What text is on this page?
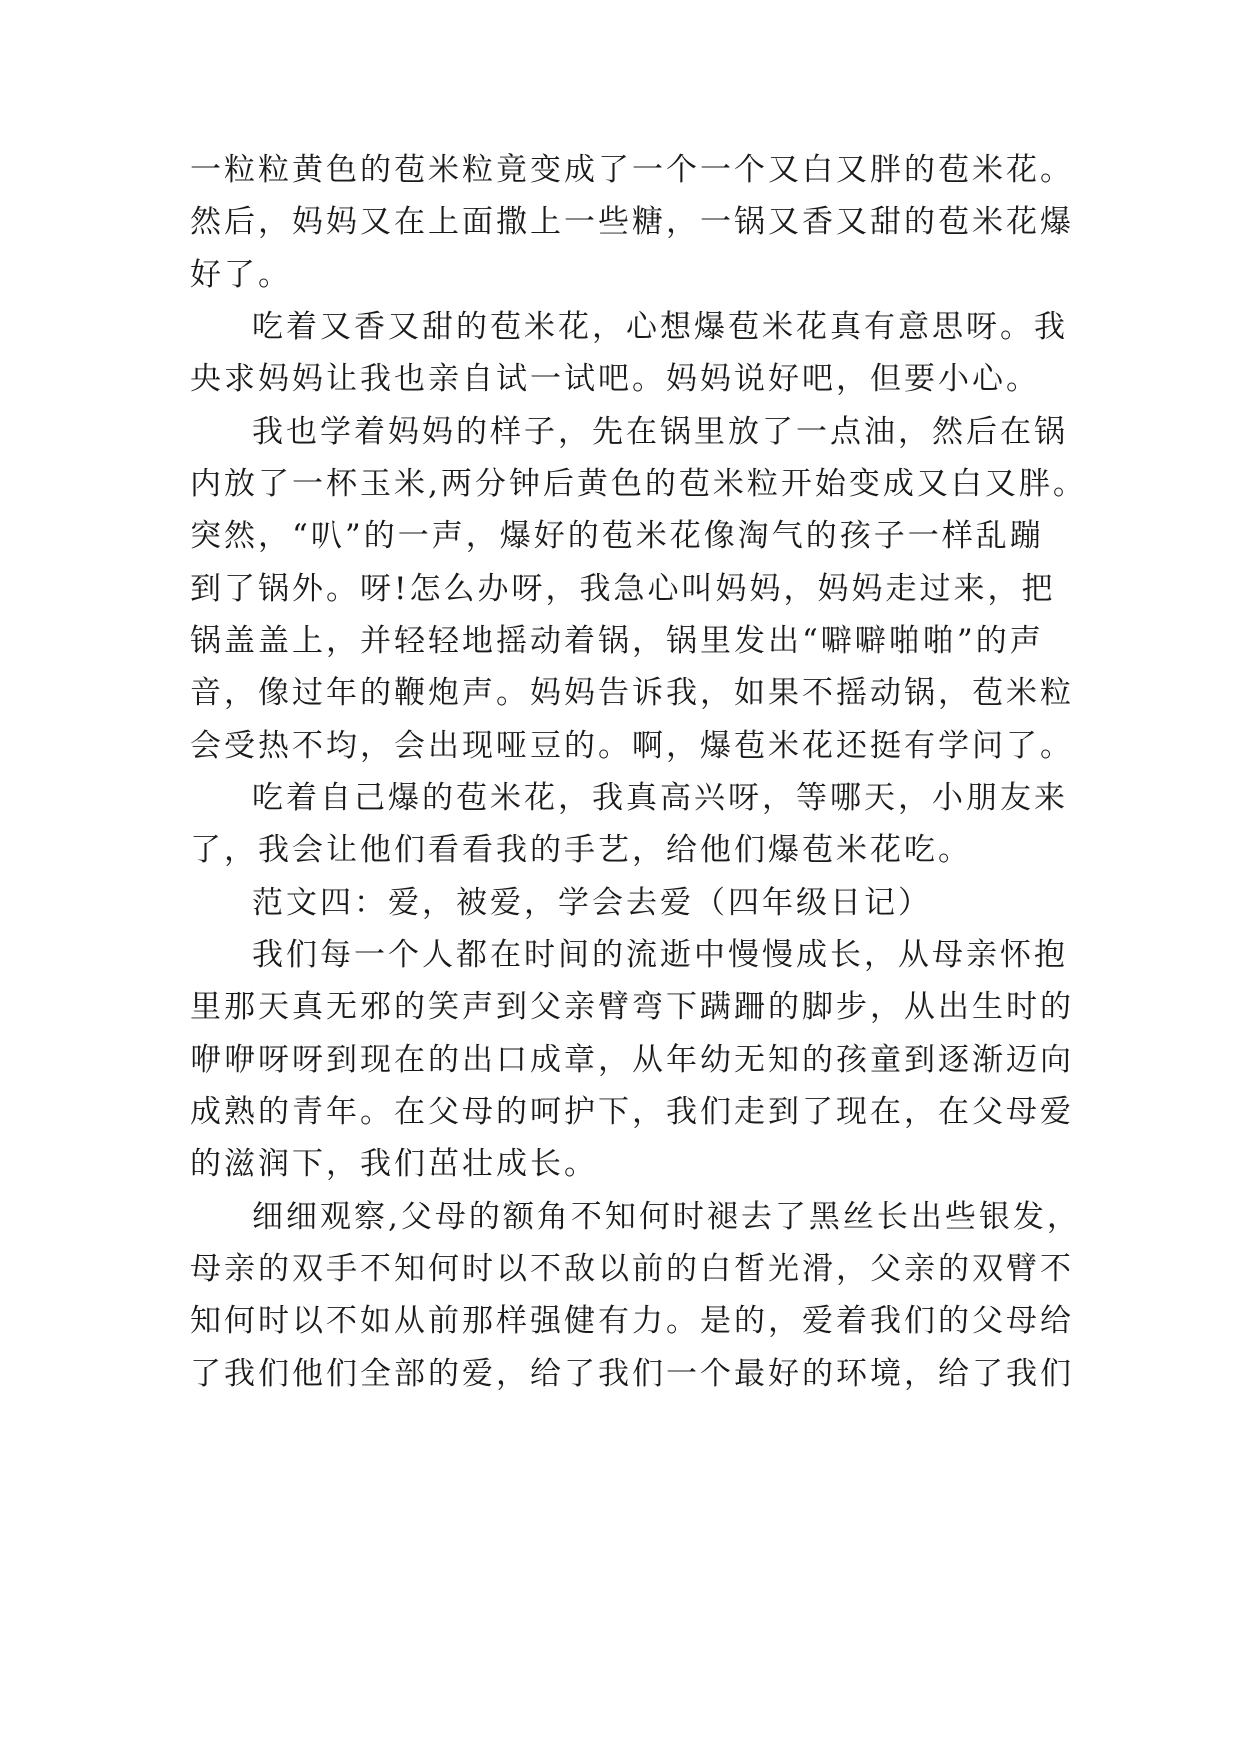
一粒粒黄色的苞米粒竟变成了一个一个又白又胖的苞米花。
然后，妈妈又在上面撒上一些糖，一锅又香又甜的苞米花爆
好了。
吃着又香又甜的苞米花，心想爆苞米花真有意思呀。我
央求妈妈让我也亲自试一试吧。妈妈说好吧，但要小心。
我也学着妈妈的样子，先在锅里放了一点油，然后在锅
内放了一杯玉米,两分钟后黄色的苞米粒开始变成又白又胖。
突然，“叭”的一声，爆好的苞米花像淘气的孩子一样乱蹦
到了锅外。呀!怎么办呀，我急心叫妈妈，妈妈走过来，把
锅盖盖上，并轻轻地摇动着锅，锅里发出“噼噼啪啪”的声
音，像过年的鞭炮声。妈妈告诉我，如果不摇动锅，苞米粒
会受热不均，会出现哑豆的。啊，爆苞米花还挺有学问了。
吃着自己爆的苞米花，我真高兴呀，等哪天，小朋友来
了，我会让他们看看我的手艺，给他们爆苞米花吃。
范文四：爱，被爱，学会去爱（四年级日记）
我们每一个人都在时间的流逝中慢慢成长，从母亲怀抱
里那天真无邪的笑声到父亲臂弯下蹒跚的脚步，从出生时的
咿咿呀呀到现在的出口成章，从年幼无知的孩童到逐渐迈向
成熟的青年。在父母的呵护下，我们走到了现在，在父母爱
的滋润下，我们茁壮成长。
细细观察,父母的额角不知何时褪去了黑丝长出些银发，
母亲的双手不知何时以不敌以前的白皙光滑，父亲的双臂不
知何时以不如从前那样强健有力。是的，爱着我们的父母给
了我们他们全部的爱，给了我们一个最好的环境，给了我们
